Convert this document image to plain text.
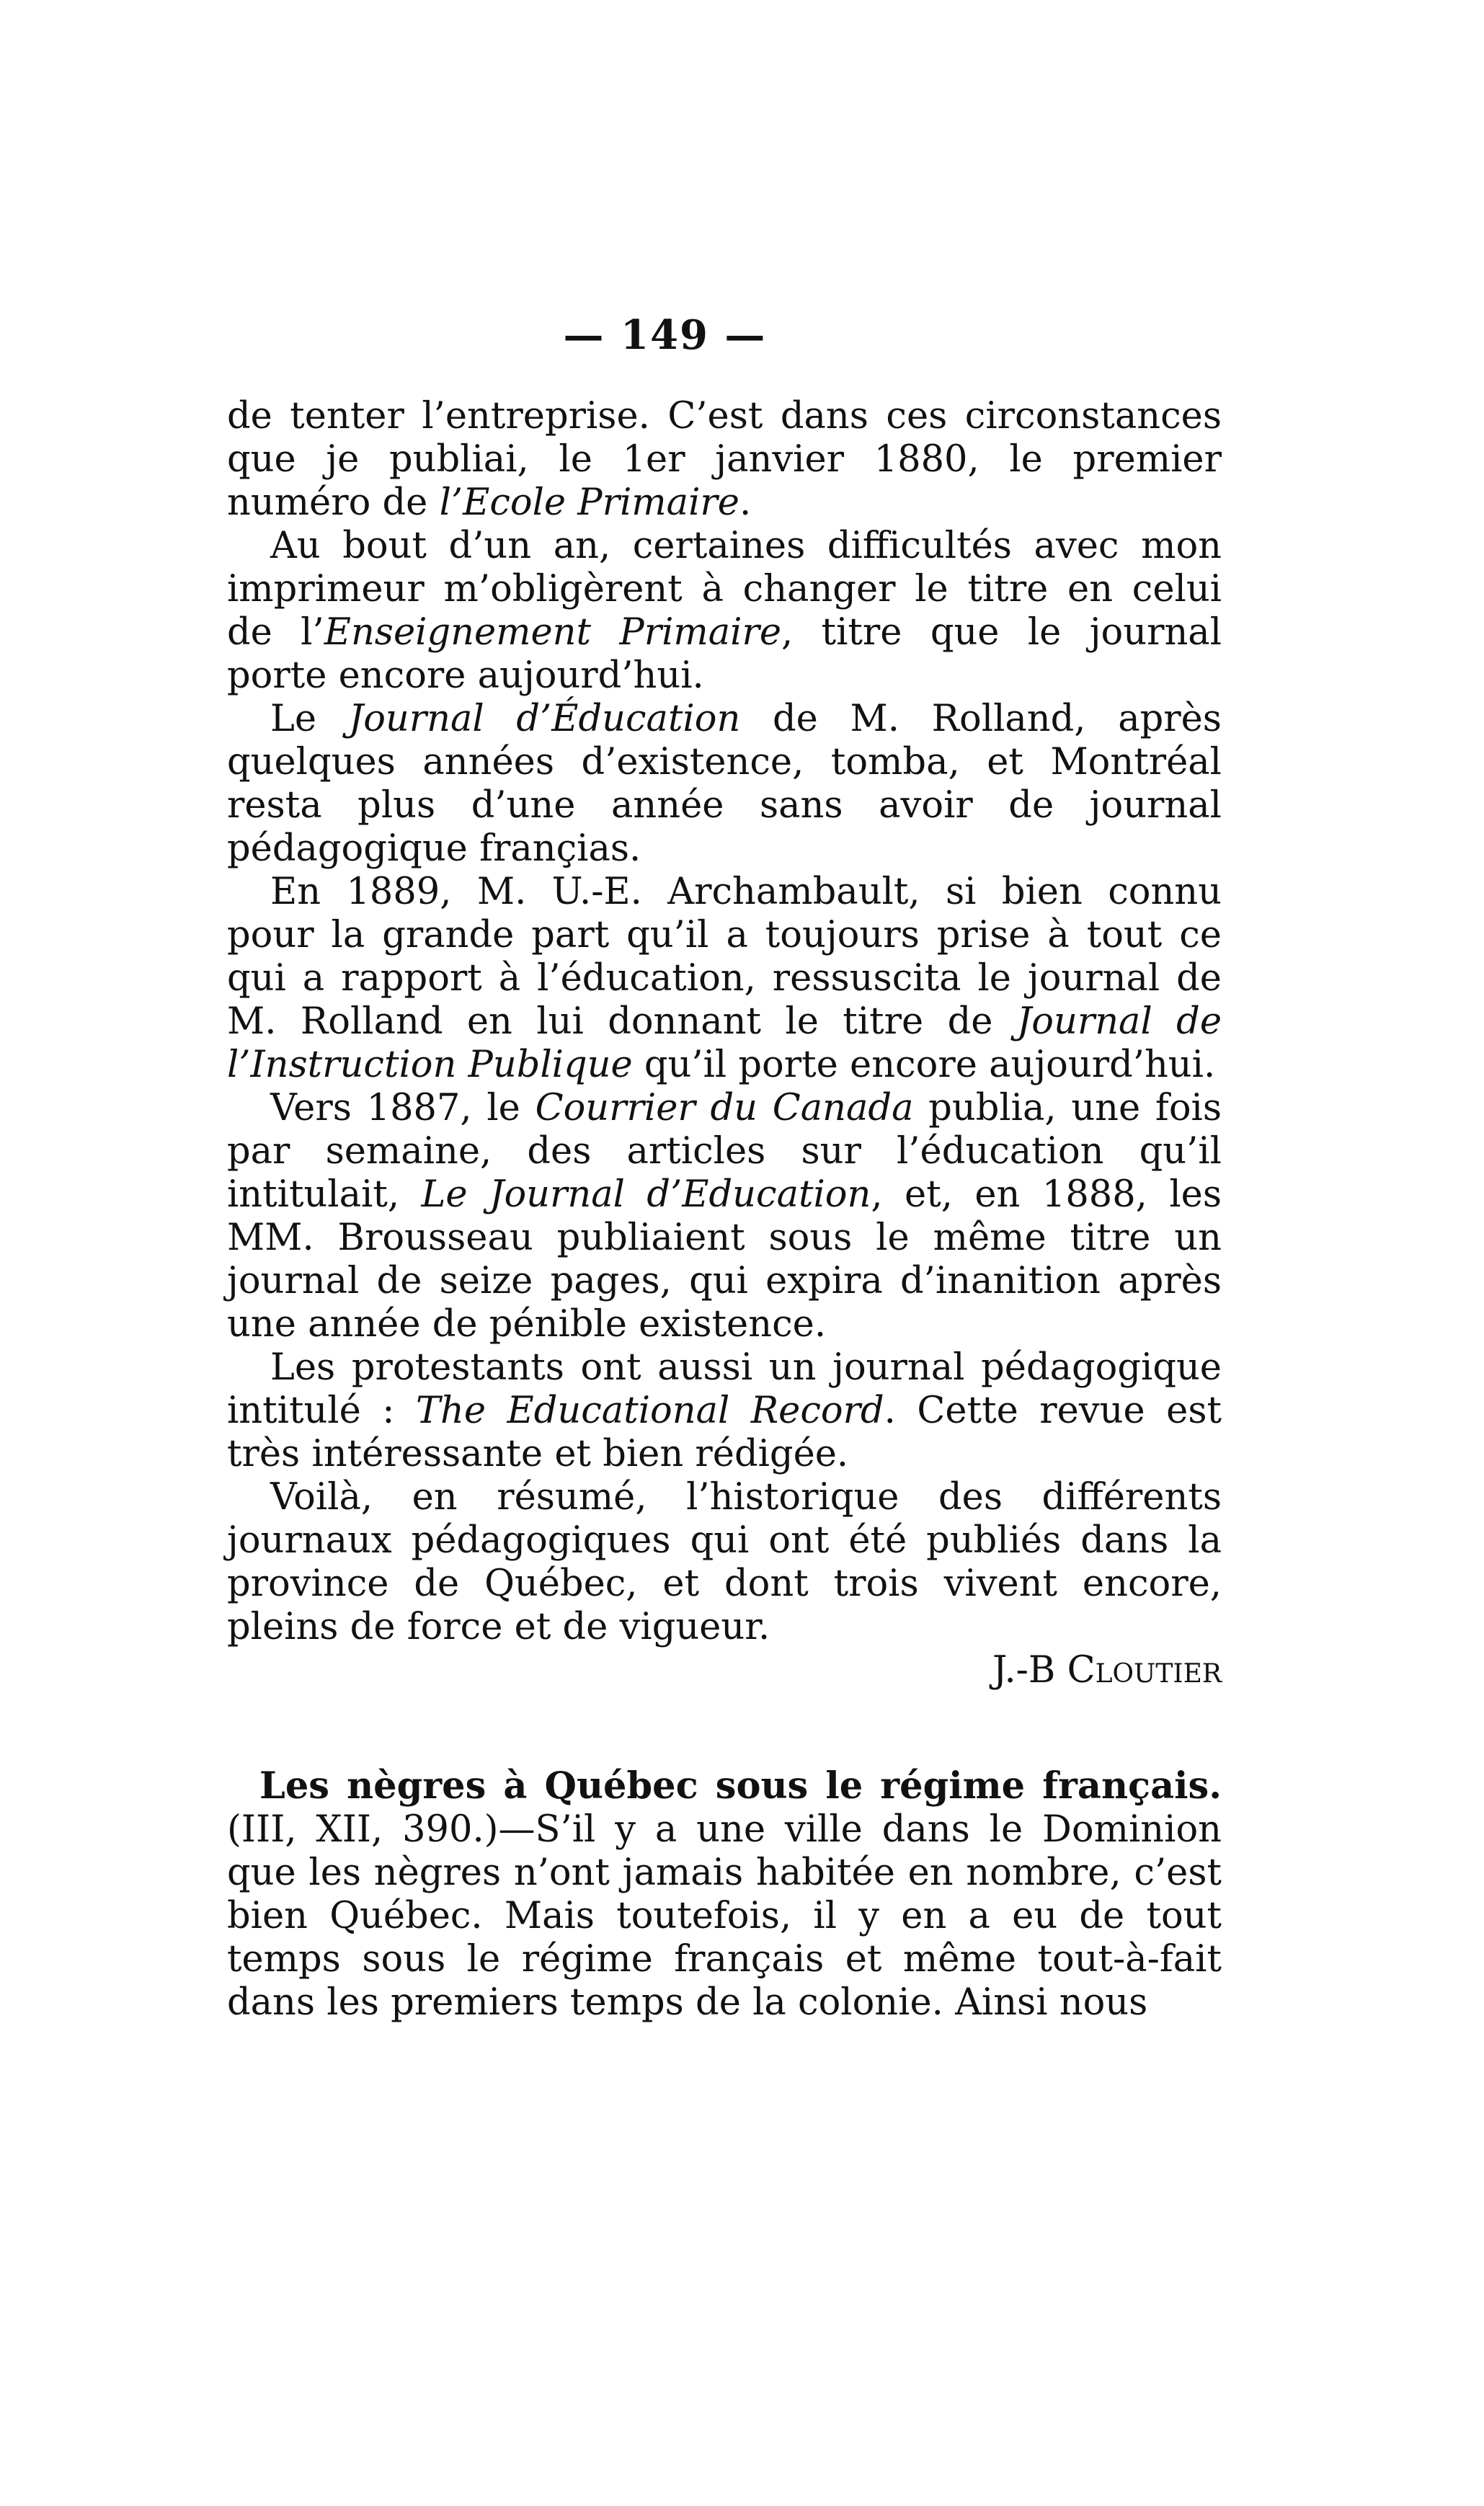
— 149 —

de tenter l’entreprise. C’est dans ces circonstances que je publiai, le 1er janvier 1880, le premier numéro de l’Ecole Primaire.

Au bout d’un an, certaines difficultés avec mon imprimeur m’obligèrent à changer le titre en celui de l’Enseignement Primaire, titre que le journal porte encore aujourd’hui.

Le Journal d’Éducation de M. Rolland, après quelques années d’existence, tomba, et Montréal resta plus d’une année sans avoir de journal pédagogique françias.

En 1889, M. U.-E. Archambault, si bien connu pour la grande part qu’il a toujours prise à tout ce qui a rapport à l’éducation, ressuscita le journal de M. Rolland en lui donnant le titre de Journal de l’Instruction Publique qu’il porte encore aujourd’hui.

Vers 1887, le Courrier du Canada publia, une fois par semaine, des articles sur l’éducation qu’il intitulait, Le Journal d’Education, et, en 1888, les MM. Brousseau publiaient sous le même titre un journal de seize pages, qui expira d’inanition après une année de pénible existence.

Les protestants ont aussi un journal pédagogique intitulé : The Educational Record. Cette revue est très intéressante et bien rédigée.

Voilà, en résumé, l’historique des différents journaux pédagogiques qui ont été publiés dans la province de Québec, et dont trois vivent encore, pleins de force et de vigueur.

J.-B Cloutier

Les nègres à Québec sous le régime français. (III, XII, 390.)—S’il y a une ville dans le Dominion que les nègres n’ont jamais habitée en nombre, c’est bien Québec. Mais toutefois, il y en a eu de tout temps sous le régime français et même tout-à-fait dans les premiers temps de la colonie. Ainsi nous
